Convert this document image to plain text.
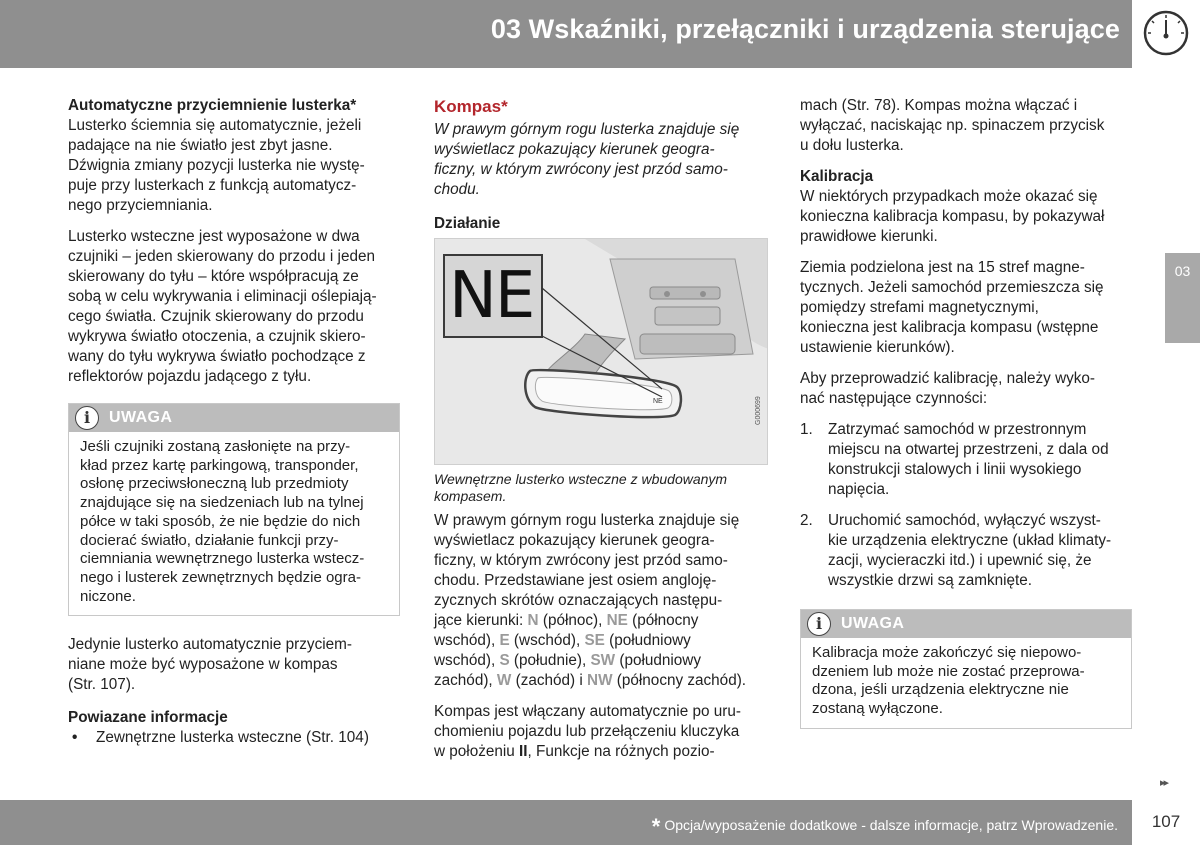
03 Wskaźniki, przełączniki i urządzenia sterujące
03
Automatyczne przyciemnienie lusterka*
Lusterko ściemnia się automatycznie, jeżeli
padające na nie światło jest zbyt jasne.
Dźwignia zmiany pozycji lusterka nie wystę-
puje przy lusterkach z funkcją automatycz-
nego przyciemniania.
Lusterko wsteczne jest wyposażone w dwa
czujniki – jeden skierowany do przodu i jeden
skierowany do tyłu – które współpracują ze
sobą w celu wykrywania i eliminacji oślepiają-
cego światła. Czujnik skierowany do przodu
wykrywa światło otoczenia, a czujnik skiero-
wany do tyłu wykrywa światło pochodzące z
reflektorów pojazdu jadącego z tyłu.
i	UWAGA
Jeśli czujniki zostaną zasłonięte na przy-
kład przez kartę parkingową, transponder,
osłonę przeciwsłoneczną lub przedmioty
znajdujące się na siedzeniach lub na tylnej
półce w taki sposób, że nie będzie do nich
docierać światło, działanie funkcji przy-
ciemniania wewnętrznego lusterka wstecz-
nego i lusterek zewnętrznych będzie ogra-
niczone.
Jedynie lusterko automatycznie przyciem-
niane może być wyposażone w kompas
(Str. 107).
Powiazane informacje
• Zewnętrzne lusterka wsteczne (Str. 104)
Kompas*
W prawym górnym rogu lusterka znajduje się
wyświetlacz pokazujący kierunek geogra-
ficzny, w którym zwrócony jest przód samo-
chodu.
Działanie
NE
NE	G000699
Wewnętrzne lusterko wsteczne z wbudowanym
kompasem.
W prawym górnym rogu lusterka znajduje się
wyświetlacz pokazujący kierunek geogra-
ficzny, w którym zwrócony jest przód samo-
chodu. Przedstawiane jest osiem angloję-
zycznych skrótów oznaczających następu-
jące kierunki: N (północ), NE (północny
wschód), E (wschód), SE (południowy
wschód), S (południe), SW (południowy
zachód), W (zachód) i NW (północny zachód).
Kompas jest włączany automatycznie po uru-
chomieniu pojazdu lub przełączeniu kluczyka
w położeniu II, Funkcje na różnych pozio-
mach (Str. 78). Kompas można włączać i
wyłączać, naciskając np. spinaczem przycisk
u dołu lusterka.
Kalibracja
W niektórych przypadkach może okazać się
konieczna kalibracja kompasu, by pokazywał
prawidłowe kierunki.
Ziemia podzielona jest na 15 stref magne-
tycznych. Jeżeli samochód przemieszcza się
pomiędzy strefami magnetycznymi,
konieczna jest kalibracja kompasu (wstępne
ustawienie kierunków).
Aby przeprowadzić kalibrację, należy wyko-
nać następujące czynności:
1. Zatrzymać samochód w przestronnym
miejscu na otwartej przestrzeni, z dala od
konstrukcji stalowych i linii wysokiego
napięcia.
2. Uruchomić samochód, wyłączyć wszyst-
kie urządzenia elektryczne (układ klimaty-
zacji, wycieraczki itd.) i upewnić się, że
wszystkie drzwi są zamknięte.
i	UWAGA
Kalibracja może zakończyć się niepowo-
dzeniem lub może nie zostać przeprowa-
dzona, jeśli urządzenia elektryczne nie
zostaną wyłączone.
▸▸
* Opcja/wyposażenie dodatkowe - dalsze informacje, patrz Wprowadzenie.	107
